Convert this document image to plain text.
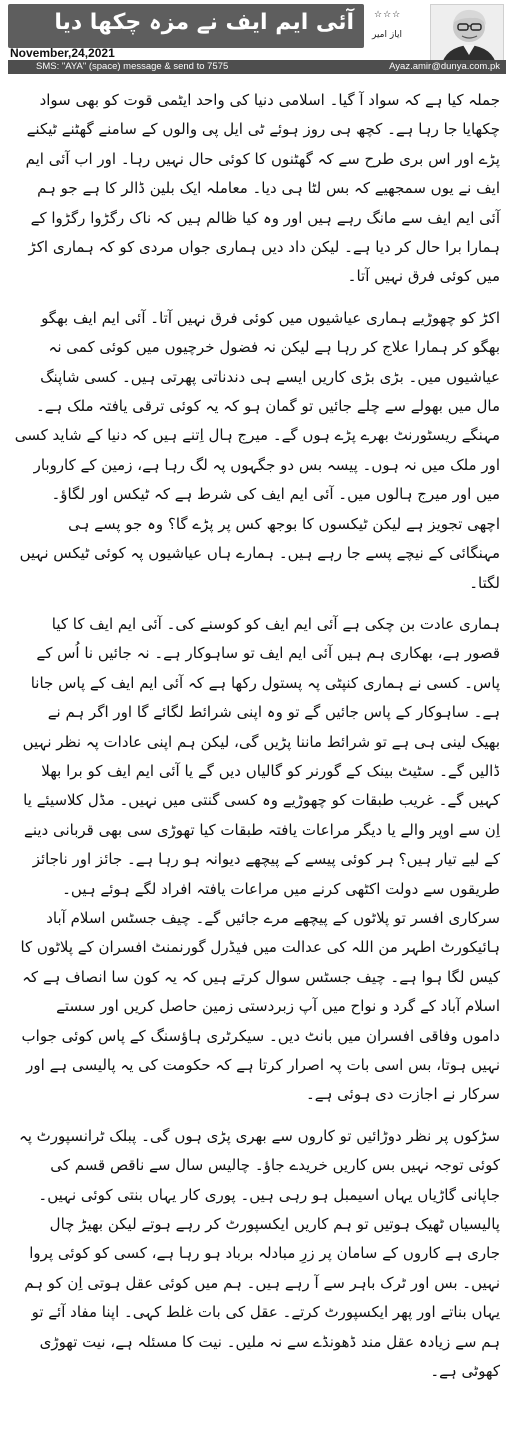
آئی ایم ایف نے مزہ چکھا دیا
November,24,2021
☆☆☆
ایاز امیر
SMS: "AYA" (space) message & send to 7575	Ayaz.amir@dunya.com.pk

جملہ کیا ہے کہ سواد آ گیا۔ اسلامی دنیا کی واحد ایٹمی قوت کو بھی سواد چکھایا جا رہا ہے۔ کچھ ہی روز ہوئے ٹی ایل پی والوں کے سامنے گھٹنے ٹیکنے پڑے اور اس بری طرح سے کہ گھٹنوں کا کوئی حال نہیں رہا۔ اور اب آئی ایم ایف نے یوں سمجھیے کہ بس لٹا ہی دیا۔ معاملہ ایک بلین ڈالر کا ہے جو ہم آئی ایم ایف سے مانگ رہے ہیں اور وہ کیا ظالم ہیں کہ ناک رگڑوا رگڑوا کے ہمارا برا حال کر دیا ہے۔ لیکن داد دیں ہماری جواں مردی کو کہ ہماری اکڑ میں کوئی فرق نہیں آتا۔

اکڑ کو چھوڑیے ہماری عیاشیوں میں کوئی فرق نہیں آتا۔ آئی ایم ایف بھگو بھگو کر ہمارا علاج کر رہا ہے لیکن نہ فضول خرچیوں میں کوئی کمی نہ عیاشیوں میں۔ بڑی بڑی کاریں ایسے ہی دندناتی پھرتی ہیں۔ کسی شاپنگ مال میں بھولے سے چلے جائیں تو گمان ہو کہ یہ کوئی ترقی یافتہ ملک ہے۔ مہنگے ریسٹورنٹ بھرے پڑے ہوں گے۔ میرج ہال اِتنے ہیں کہ دنیا کے شاید کسی اور ملک میں نہ ہوں۔ پیسہ بس دو جگہوں پہ لگ رہا ہے، زمین کے کاروبار میں اور میرج ہالوں میں۔ آئی ایم ایف کی شرط ہے کہ ٹیکس اور لگاؤ۔ اچھی تجویز ہے لیکن ٹیکسوں کا بوجھ کس پر پڑے گا؟ وہ جو پسے ہی مہنگائی کے نیچے پسے جا رہے ہیں۔ ہمارے ہاں عیاشیوں پہ کوئی ٹیکس نہیں لگتا۔

ہماری عادت بن چکی ہے آئی ایم ایف کو کوسنے کی۔ آئی ایم ایف کا کیا قصور ہے، بھکاری ہم ہیں آئی ایم ایف تو ساہوکار ہے۔ نہ جائیں نا اُس کے پاس۔ کسی نے ہماری کنپٹی پہ پستول رکھا ہے کہ آئی ایم ایف کے پاس جانا ہے۔ ساہوکار کے پاس جائیں گے تو وہ اپنی شرائط لگائے گا اور اگر ہم نے بھیک لینی ہی ہے تو شرائط ماننا پڑیں گی، لیکن ہم اپنی عادات پہ نظر نہیں ڈالیں گے۔ سٹیٹ بینک کے گورنر کو گالیاں دیں گے یا آئی ایم ایف کو برا بھلا کہیں گے۔ غریب طبقات کو چھوڑیے وہ کسی گنتی میں نہیں۔ مڈل کلاسیئے یا اِن سے اوپر والے یا دیگر مراعات یافتہ طبقات کیا تھوڑی سی بھی قربانی دینے کے لیے تیار ہیں؟ ہر کوئی پیسے کے پیچھے دیوانہ ہو رہا ہے۔ جائز اور ناجائز طریقوں سے دولت اکٹھی کرنے میں مراعات یافتہ افراد لگے ہوئے ہیں۔ سرکاری افسر تو پلاٹوں کے پیچھے مرے جائیں گے۔ چیف جسٹس اسلام آباد ہائیکورٹ اطہر من اللہ کی عدالت میں فیڈرل گورنمنٹ افسران کے پلاٹوں کا کیس لگا ہوا ہے۔ چیف جسٹس سوال کرتے ہیں کہ یہ کون سا انصاف ہے کہ اسلام آباد کے گرد و نواح میں آپ زبردستی زمین حاصل کریں اور سستے داموں وفاقی افسران میں بانٹ دیں۔ سیکرٹری ہاؤسنگ کے پاس کوئی جواب نہیں ہوتا، بس اسی بات پہ اصرار کرتا ہے کہ حکومت کی یہ پالیسی ہے اور سرکار نے اجازت دی ہوئی ہے۔

سڑکوں پر نظر دوڑائیں تو کاروں سے بھری پڑی ہوں گی۔ پبلک ٹرانسپورٹ پہ کوئی توجہ نہیں بس کاریں خریدے جاؤ۔ چالیس سال سے ناقص قسم کی جاپانی گاڑیاں یہاں اسیمبل ہو رہی ہیں۔ پوری کار یہاں بنتی کوئی نہیں۔ پالیسیاں ٹھیک ہوتیں تو ہم کاریں ایکسپورٹ کر رہے ہوتے لیکن بھیڑ چال جاری ہے کاروں کے سامان پر زرِ مبادلہ برباد ہو رہا ہے، کسی کو کوئی پروا نہیں۔ بس اور ٹرک باہر سے آ رہے ہیں۔ ہم میں کوئی عقل ہوتی اِن کو ہم یہاں بناتے اور پھر ایکسپورٹ کرتے۔ عقل کی بات غلط کہی۔ اپنا مفاد آئے تو ہم سے زیادہ عقل مند ڈھونڈے سے نہ ملیں۔ نیت کا مسئلہ ہے، نیت تھوڑی کھوٹی ہے۔
